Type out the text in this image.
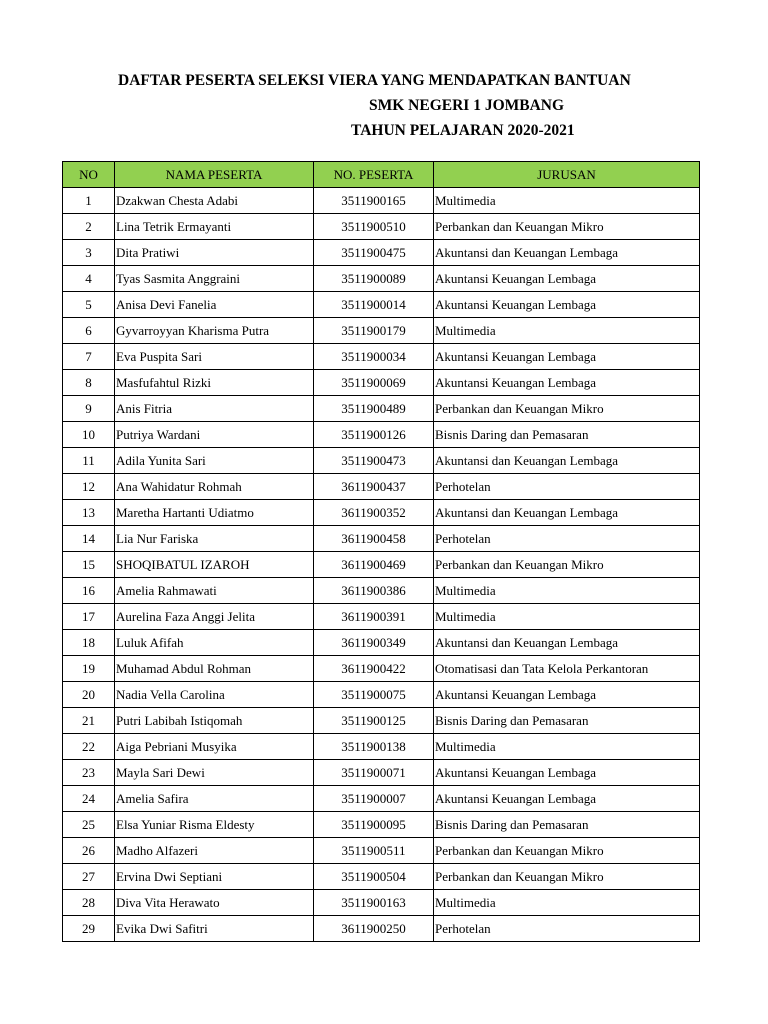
DAFTAR PESERTA SELEKSI VIERA YANG MENDAPATKAN BANTUAN
SMK NEGERI 1 JOMBANG
TAHUN PELAJARAN 2020-2021
NO	NAMA PESERTA	NO. PESERTA	JURUSAN
1	Dzakwan Chesta Adabi	3511900165	Multimedia
2	Lina Tetrik Ermayanti	3511900510	Perbankan dan Keuangan Mikro
3	Dita Pratiwi	3511900475	Akuntansi dan Keuangan Lembaga
4	Tyas Sasmita Anggraini	3511900089	Akuntansi Keuangan Lembaga
5	Anisa Devi Fanelia	3511900014	Akuntansi Keuangan Lembaga
6	Gyvarroyyan Kharisma Putra	3511900179	Multimedia
7	Eva Puspita Sari	3511900034	Akuntansi Keuangan Lembaga
8	Masfufahtul Rizki	3511900069	Akuntansi Keuangan Lembaga
9	Anis Fitria	3511900489	Perbankan dan Keuangan Mikro
10	Putriya Wardani	3511900126	Bisnis Daring dan Pemasaran
11	Adila Yunita Sari	3511900473	Akuntansi dan Keuangan Lembaga
12	Ana Wahidatur Rohmah	3611900437	Perhotelan
13	Maretha Hartanti Udiatmo	3611900352	Akuntansi dan Keuangan Lembaga
14	Lia Nur Fariska	3611900458	Perhotelan
15	SHOQIBATUL IZAROH	3611900469	Perbankan dan Keuangan Mikro
16	Amelia Rahmawati	3611900386	Multimedia
17	Aurelina Faza Anggi Jelita	3611900391	Multimedia
18	Luluk Afifah	3611900349	Akuntansi dan Keuangan Lembaga
19	Muhamad Abdul Rohman	3611900422	Otomatisasi dan Tata Kelola Perkantoran
20	Nadia Vella Carolina	3511900075	Akuntansi Keuangan Lembaga
21	Putri Labibah Istiqomah	3511900125	Bisnis Daring dan Pemasaran
22	Aiga Pebriani Musyika	3511900138	Multimedia
23	Mayla Sari Dewi	3511900071	Akuntansi Keuangan Lembaga
24	Amelia Safira	3511900007	Akuntansi Keuangan Lembaga
25	Elsa Yuniar Risma Eldesty	3511900095	Bisnis Daring dan Pemasaran
26	Madho Alfazeri	3511900511	Perbankan dan Keuangan Mikro
27	Ervina Dwi Septiani	3511900504	Perbankan dan Keuangan Mikro
28	Diva Vita Herawato	3511900163	Multimedia
29	Evika Dwi Safitri	3611900250	Perhotelan
